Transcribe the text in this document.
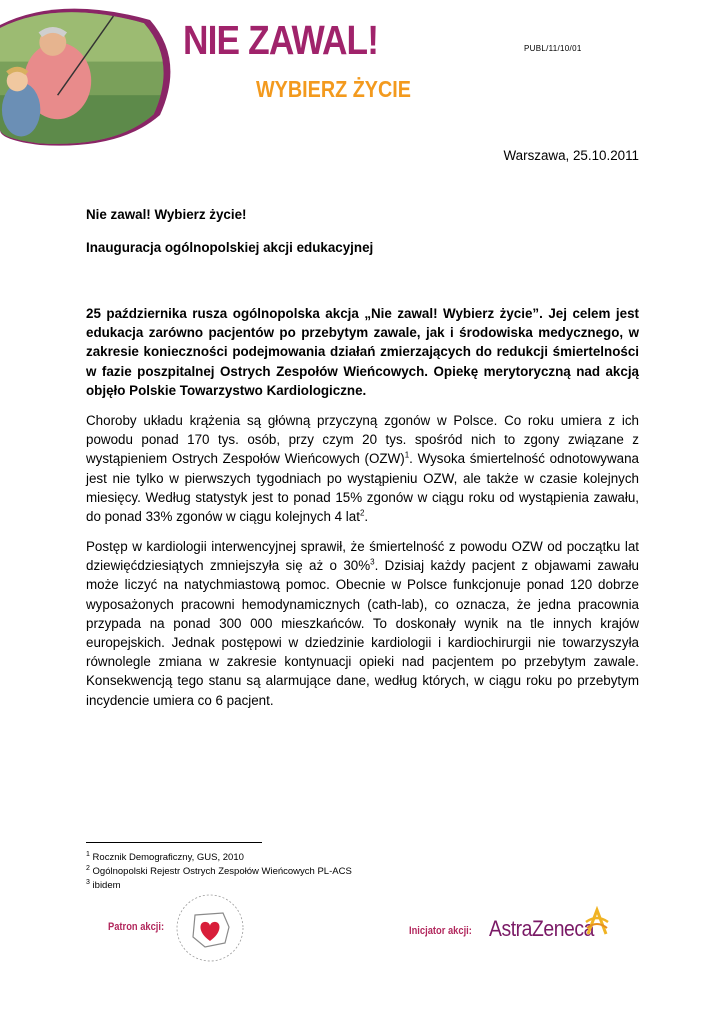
NIE ZAWAL!
WYBIERZ ŻYCIE
PUBL/11/10/01
Warszawa, 25.10.2011
Nie zawal! Wybierz życie!
Inauguracja ogólnopolskiej akcji edukacyjnej

25 października rusza ogólnopolska akcja „Nie zawal! Wybierz życie”. Jej celem jest edukacja zarówno pacjentów po przebytym zawale, jak i środowiska medycznego, w zakresie konieczności podejmowania działań zmierzających do redukcji śmiertelności w fazie poszpitalnej Ostrych Zespołów Wieńcowych. Opiekę merytoryczną nad akcją objęło Polskie Towarzystwo Kardiologiczne.

Choroby układu krążenia są główną przyczyną zgonów w Polsce. Co roku umiera z ich powodu ponad 170 tys. osób, przy czym 20 tys. spośród nich to zgony związane z wystąpieniem Ostrych Zespołów Wieńcowych (OZW)$^1$. Wysoka śmiertelność odnotowywana jest nie tylko w pierwszych tygodniach po wystąpieniu OZW, ale także w czasie kolejnych miesięcy. Według statystyk jest to ponad 15% zgonów w ciągu roku od wystąpienia zawału, do ponad 33% zgonów w ciągu kolejnych 4 lat$^2$.

Postęp w kardiologii interwencyjnej sprawił, że śmiertelność z powodu OZW od początku lat dziewięćdziesiątych zmniejszyła się aż o 30%$^3$. Dzisiaj każdy pacjent z objawami zawału może liczyć na natychmiastową pomoc. Obecnie w Polsce funkcjonuje ponad 120 dobrze wyposażonych pracowni hemodynamicznych (cath-lab), co oznacza, że jedna pracownia przypada na ponad 300 000 mieszkańców. To doskonały wynik na tle innych krajów europejskich. Jednak postępowi w dziedzinie kardiologii i kardiochirurgii nie towarzyszyła równolegle zmiana w zakresie kontynuacji opieki nad pacjentem po przebytym zawale. Konsekwencją tego stanu są alarmujące dane, według których, w ciągu roku po przebytym incydencie umiera co 6 pacjent.

$^1$ Rocznik Demograficzny, GUS, 2010
$^2$ Ogólnopolski Rejestr Ostrych Zespołów Wieńcowych PL-ACS
$^3$ ibidem
Patron akcji:	Inicjator akcji: AstraZeneca
